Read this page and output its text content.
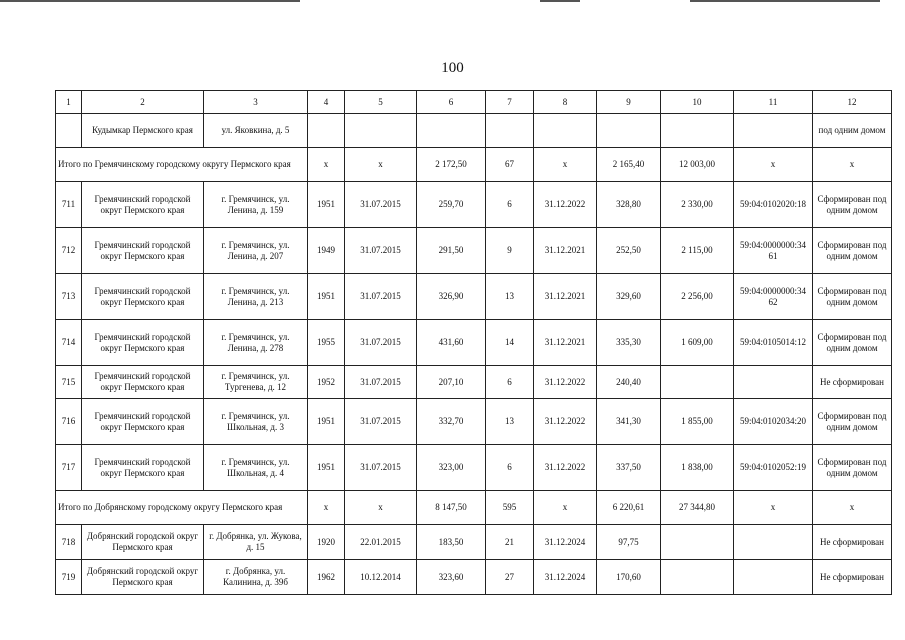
100
1	2	3	4	5	6	7	8	9	10	11	12
	Кудымкар Пермского края	ул. Яковкина, д. 5									под одним домом
Итого по Гремячинскому городскому округу Пермского края			х	х	2 172,50	67	х	2 165,40	12 003,00	х	х
711	Гремячинский городской округ Пермского края	г. Гремячинск, ул. Ленина, д. 159	1951	31.07.2015	259,70	6	31.12.2022	328,80	2 330,00	59:04:0102020:18	Сформирован под одним домом
712	Гремячинский городской округ Пермского края	г. Гремячинск, ул. Ленина, д. 207	1949	31.07.2015	291,50	9	31.12.2021	252,50	2 115,00	59:04:0000000:34 61	Сформирован под одним домом
713	Гремячинский городской округ Пермского края	г. Гремячинск, ул. Ленина, д. 213	1951	31.07.2015	326,90	13	31.12.2021	329,60	2 256,00	59:04:0000000:34 62	Сформирован под одним домом
714	Гремячинский городской округ Пермского края	г. Гремячинск, ул. Ленина, д. 278	1955	31.07.2015	431,60	14	31.12.2021	335,30	1 609,00	59:04:0105014:12	Сформирован под одним домом
715	Гремячинский городской округ Пермского края	г. Гремячинск, ул. Тургенева, д. 12	1952	31.07.2015	207,10	6	31.12.2022	240,40			Не сформирован
716	Гремячинский городской округ Пермского края	г. Гремячинск, ул. Школьная, д. 3	1951	31.07.2015	332,70	13	31.12.2022	341,30	1 855,00	59:04:0102034:20	Сформирован под одним домом
717	Гремячинский городской округ Пермского края	г. Гремячинск, ул. Школьная, д. 4	1951	31.07.2015	323,00	6	31.12.2022	337,50	1 838,00	59:04:0102052:19	Сформирован под одним домом
Итого по Добрянскому городскому округу Пермского края			х	х	8 147,50	595	х	6 220,61	27 344,80	х	х
718	Добрянский городской округ Пермского края	г. Добрянка, ул. Жукова, д. 15	1920	22.01.2015	183,50	21	31.12.2024	97,75			Не сформирован
719	Добрянский городской округ Пермского края	г. Добрянка, ул. Калинина, д. 39б	1962	10.12.2014	323,60	27	31.12.2024	170,60			Не сформирован
